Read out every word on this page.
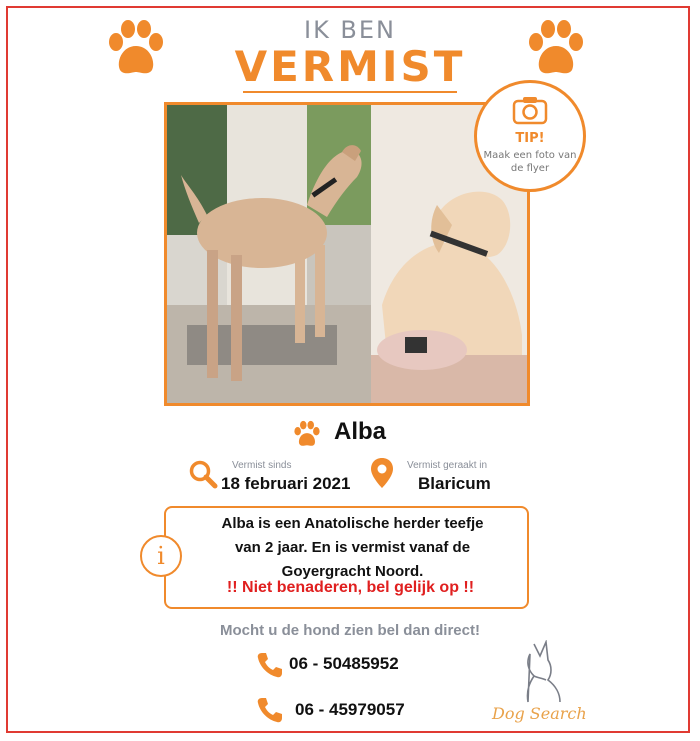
IK BEN
VERMIST
TIP!
Maak een foto van de flyer
Alba
Vermist sinds
18 februari 2021
Vermist geraakt in
Blaricum
Alba is een Anatolische herder teefje
van 2 jaar. En is vermist vanaf de
Goyergracht Noord.
!! Niet benaderen, bel gelijk op !!
i
Mocht u de hond zien bel dan direct!
06 - 50485952
06 - 45979057	Dog Search
